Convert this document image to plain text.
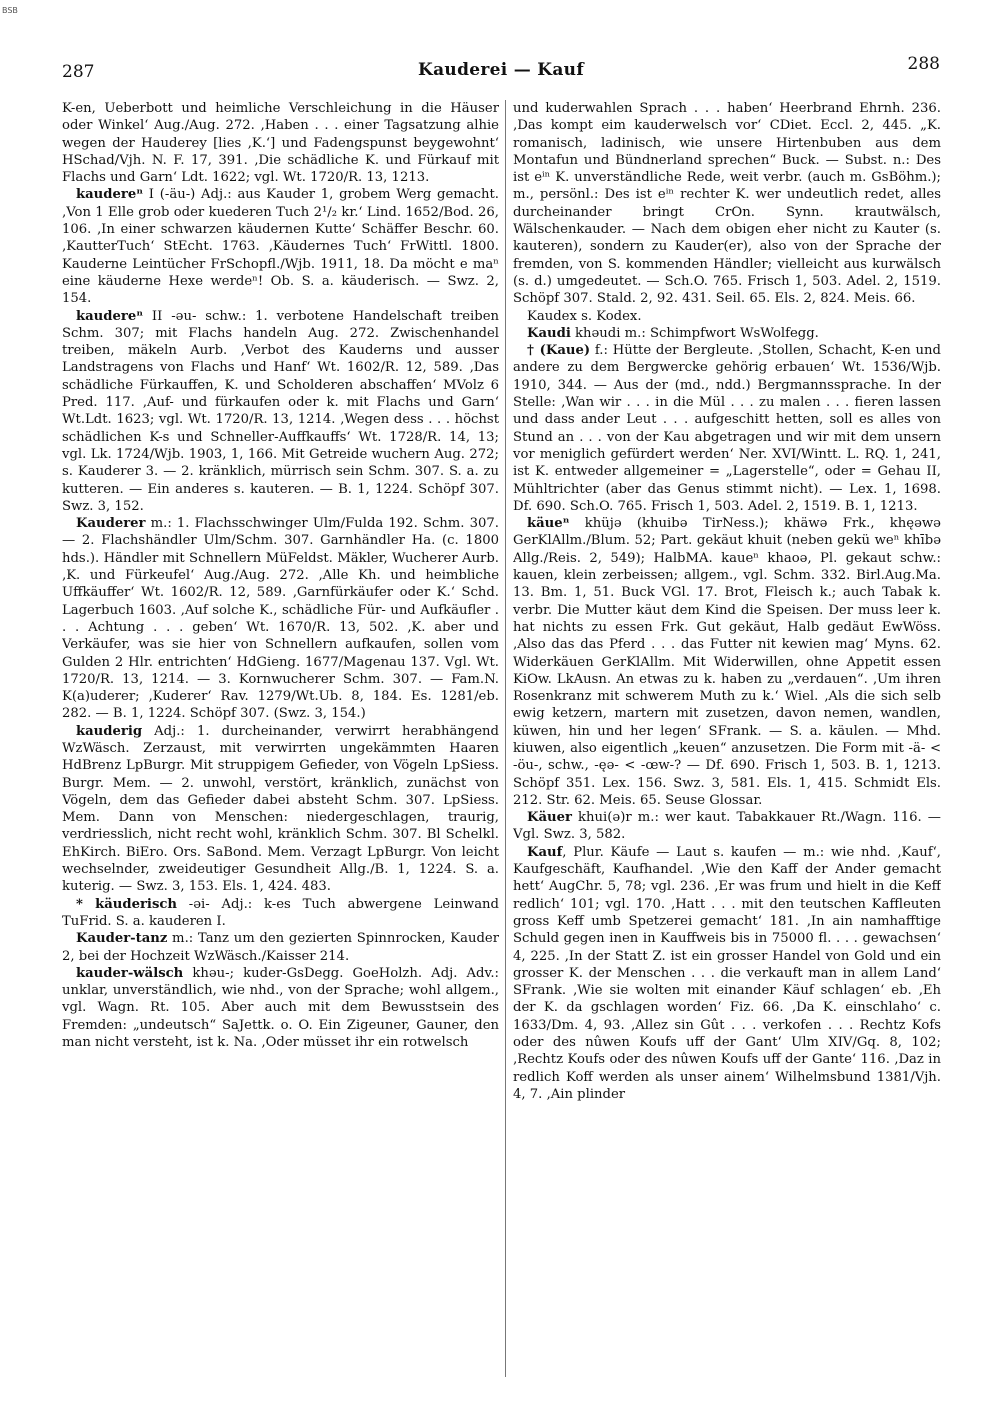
BSB
287	Kauderei — Kauf	288

K-en, Ueberbott und heimliche Verschleichung in die Häuser oder Winkel‘ Aug./Aug. 272. ‚Haben . . . einer Tagsatzung alhie wegen der Hauderey [lies ‚K.‘] und Fadengspunst beygewohnt‘ HSchad/Vjh. N. F. 17, 391. ‚Die schädliche K. und Fürkauf mit Flachs und Garn‘ Ldt. 1622; vgl. Wt. 1720/R. 13, 1213.

kaudereⁿ I (-äu-) Adj.: aus Kauder 1, grobem Werg gemacht. ‚Von 1 Elle grob oder kuederen Tuch 2¹/₂ kr.‘ Lind. 1652/Bod. 26, 106. ‚In einer schwarzen käudernen Kutte‘ Schäffer Beschr. 60. ‚KautterTuch‘ StEcht. 1763. ‚Käudernes Tuch‘ FrWittl. 1800. Kauderne Leintücher FrSchopfl./Wjb. 1911, 18. Da möcht e maⁿ eine käuderne Hexe werdeⁿ! Ob. S. a. käuderisch. — Swz. 2, 154.

kaudereⁿ II -əu- schw.: 1. verbotene Handelschaft treiben Schm. 307; mit Flachs handeln Aug. 272. Zwischenhandel treiben, mäkeln Aurb. ‚Verbot des Kauderns und ausser Landstragens von Flachs und Hanf‘ Wt. 1602/R. 12, 589. ‚Das schädliche Fürkauffen, K. und Scholderen abschaffen‘ MVolz 6 Pred. 117. ‚Auf- und fürkaufen oder k. mit Flachs und Garn‘ Wt.Ldt. 1623; vgl. Wt. 1720/R. 13, 1214. ‚Wegen dess . . . höchst schädlichen K-s und Schneller-Auffkauffs‘ Wt. 1728/R. 14, 13; vgl. Lk. 1724/Wjb. 1903, 1, 166. Mit Getreide wuchern Aug. 272; s. Kauderer 3. — 2. kränklich, mürrisch sein Schm. 307. S. a. zu kutteren. — Ein anderes s. kauteren. — B. 1, 1224. Schöpf 307. Swz. 3, 152.

Kauderer m.: 1. Flachsschwinger Ulm/Fulda 192. Schm. 307. — 2. Flachshändler Ulm/Schm. 307. Garnhändler Ha. (c. 1800 hds.). Händler mit Schnellern MüFeldst. Mäkler, Wucherer Aurb. ‚K. und Fürkeufel‘ Aug./Aug. 272. ‚Alle Kh. und heimbliche Uffkäuffer‘ Wt. 1602/R. 12, 589. ‚Garnfürkäufer oder K.‘ Schd. Lagerbuch 1603. ‚Auf solche K., schädliche Für- und Aufkäufler . . . Achtung . . . geben‘ Wt. 1670/R. 13, 502. ‚K. aber und Verkäufer, was sie hier von Schnellern aufkaufen, sollen vom Gulden 2 Hlr. entrichten‘ HdGieng. 1677/Magenau 137. Vgl. Wt. 1720/R. 13, 1214. — 3. Kornwucherer Schm. 307. — Fam.N. K(a)uderer; ‚Kuderer‘ Rav. 1279/Wt.Ub. 8, 184. Es. 1281/eb. 282. — B. 1, 1224. Schöpf 307. (Swz. 3, 154.)

kauderig Adj.: 1. durcheinander, verwirrt herabhängend WzWäsch. Zerzaust, mit verwirrten ungekämmten Haaren HdBrenz LpBurgr. Mit struppigem Gefieder, von Vögeln LpSiess. Burgr. Mem. — 2. unwohl, verstört, kränklich, zunächst von Vögeln, dem das Gefieder dabei absteht Schm. 307. LpSiess. Mem. Dann von Menschen: niedergeschlagen, traurig, verdriesslich, nicht recht wohl, kränklich Schm. 307. Bl Schelkl. EhKirch. BiEro. Ors. SaBond. Mem. Verzagt LpBurgr. Von leicht wechselnder, zweideutiger Gesundheit Allg./B. 1, 1224. S. a. kuterig. — Swz. 3, 153. Els. 1, 424. 483.

* käuderisch -əi- Adj.: k-es Tuch abwergene Leinwand TuFrid. S. a. kauderen I.

Kauder-tanz m.: Tanz um den gezierten Spinnrocken, Kauder 2, bei der Hochzeit WzWäsch./Kaisser 214.

kauder-wälsch khəu-; kuder-GsDegg. GoeHolzh. Adj. Adv.: unklar, unverständlich, wie nhd., von der Sprache; wohl allgem., vgl. Wagn. Rt. 105. Aber auch mit dem Bewusstsein des Fremden: „undeutsch“ SaJettk. o. O. Ein Zigeuner, Gauner, den man nicht versteht, ist k. Na. ‚Oder müsset ihr ein rotwelsch

und kuderwahlen Sprach . . . haben‘ Heerbrand Ehrnh. 236. ‚Das kompt eim kauderwelsch vor‘ CDiet. Eccl. 2, 445. „K. romanisch, ladinisch, wie unsere Hirtenbuben aus dem Montafun und Bündnerland sprechen“ Buck. — Subst. n.: Des ist eⁱⁿ K. unverständliche Rede, weit verbr. (auch m. GsBöhm.); m., persönl.: Des ist eⁱⁿ rechter K. wer undeutlich redet, alles durcheinander bringt CrOn. Synn. krautwälsch, Wälschenkauder. — Nach dem obigen eher nicht zu Kauter (s. kauteren), sondern zu Kauder(er), also von der Sprache der fremden, von S. kommenden Händler; vielleicht aus kurwälsch (s. d.) umgedeutet. — Sch.O. 765. Frisch 1, 503. Adel. 2, 1519. Schöpf 307. Stald. 2, 92. 431. Seil. 65. Els. 2, 824. Meis. 66.

Kaudex s. Kodex.

Kaudi khəudi m.: Schimpfwort WsWolfegg.

† (Kaue) f.: Hütte der Bergleute. ‚Stollen, Schacht, K-en und andere zu dem Bergwercke gehörig erbauen‘ Wt. 1536/Wjb. 1910, 344. — Aus der (md., ndd.) Bergmannssprache. In der Stelle: ‚Wan wir . . . in die Mül . . . zu malen . . . fieren lassen und dass ander Leut . . . aufgeschitt hetten, soll es alles von Stund an . . . von der Kau abgetragen und wir mit dem unsern vor meniglich gefürdert werden‘ Ner. XVI/Wintt. L. RQ. 1, 241, ist K. entweder allgemeiner = „Lagerstelle“, oder = Gehau II, Mühltrichter (aber das Genus stimmt nicht). — Lex. 1, 1698. Df. 690. Sch.O. 765. Frisch 1, 503. Adel. 2, 1519. B. 1, 1213.

käueⁿ khüjə (khuibə TirNess.); khäwə Frk., khęəwə GerKlAllm./Blum. 52; Part. gekäut khuit (neben gekü weⁿ khībə Allg./Reis. 2, 549); HalbMA. kaueⁿ khaoə, Pl. gekaut schw.: kauen, klein zerbeissen; allgem., vgl. Schm. 332. Birl.Aug.Ma. 13. Bm. 1, 51. Buck VGl. 17. Brot, Fleisch k.; auch Tabak k. verbr. Die Mutter käut dem Kind die Speisen. Der muss leer k. hat nichts zu essen Frk. Gut gekäut, Halb gedäut EwWöss. ‚Also das das Pferd . . . das Futter nit kewien mag‘ Myns. 62. Widerkäuen GerKlAllm. Mit Widerwillen, ohne Appetit essen KiOw. LkAusn. An etwas zu k. haben zu „verdauen“. ‚Um ihren Rosenkranz mit schwerem Muth zu k.‘ Wiel. ‚Als die sich selb ewig ketzern, martern mit zusetzen, davon nemen, wandlen, küwen, hin und her legen‘ SFrank. — S. a. käulen. — Mhd. kiuwen, also eigentlich „keuen“ anzusetzen. Die Form mit -ä- < -öu-, schw., -ęə- < -œw-? — Df. 690. Frisch 1, 503. B. 1, 1213. Schöpf 351. Lex. 156. Swz. 3, 581. Els. 1, 415. Schmidt Els. 212. Str. 62. Meis. 65. Seuse Glossar.

Käuer khui(ə)r m.: wer kaut. Tabakkauer Rt./Wagn. 116. — Vgl. Swz. 3, 582.

Kauf, Plur. Käufe — Laut s. kaufen — m.: wie nhd. ‚Kauf‘, Kaufgeschäft, Kaufhandel. ‚Wie den Kaff der Ander gemacht hett‘ AugChr. 5, 78; vgl. 236. ‚Er was frum und hielt in die Keff redlich‘ 101; vgl. 170. ‚Hatt . . . mit den teutschen Kaffleuten gross Keff umb Spetzerei gemacht‘ 181. ‚In ain namhafftige Schuld gegen inen in Kauffweis bis in 75000 fl. . . . gewachsen‘ 4, 225. ‚In der Statt Z. ist ein grosser Handel von Gold und ein grosser K. der Menschen . . . die verkauft man in allem Land‘ SFrank. ‚Wie sie wolten mit einander Käuf schlagen‘ eb. ‚Eh der K. da gschlagen worden‘ Fiz. 66. ‚Da K. einschlaho‘ c. 1633/Dm. 4, 93. ‚Allez sin Gût . . . verkofen . . . Rechtz Kofs oder des nûwen Koufs uff der Gant‘ Ulm XIV/Gq. 8, 102; ‚Rechtz Koufs oder des nûwen Koufs uff der Gante‘ 116. ‚Daz in redlich Koff werden als unser ainem‘ Wilhelmsbund 1381/Vjh. 4, 7. ‚Ain plinder
